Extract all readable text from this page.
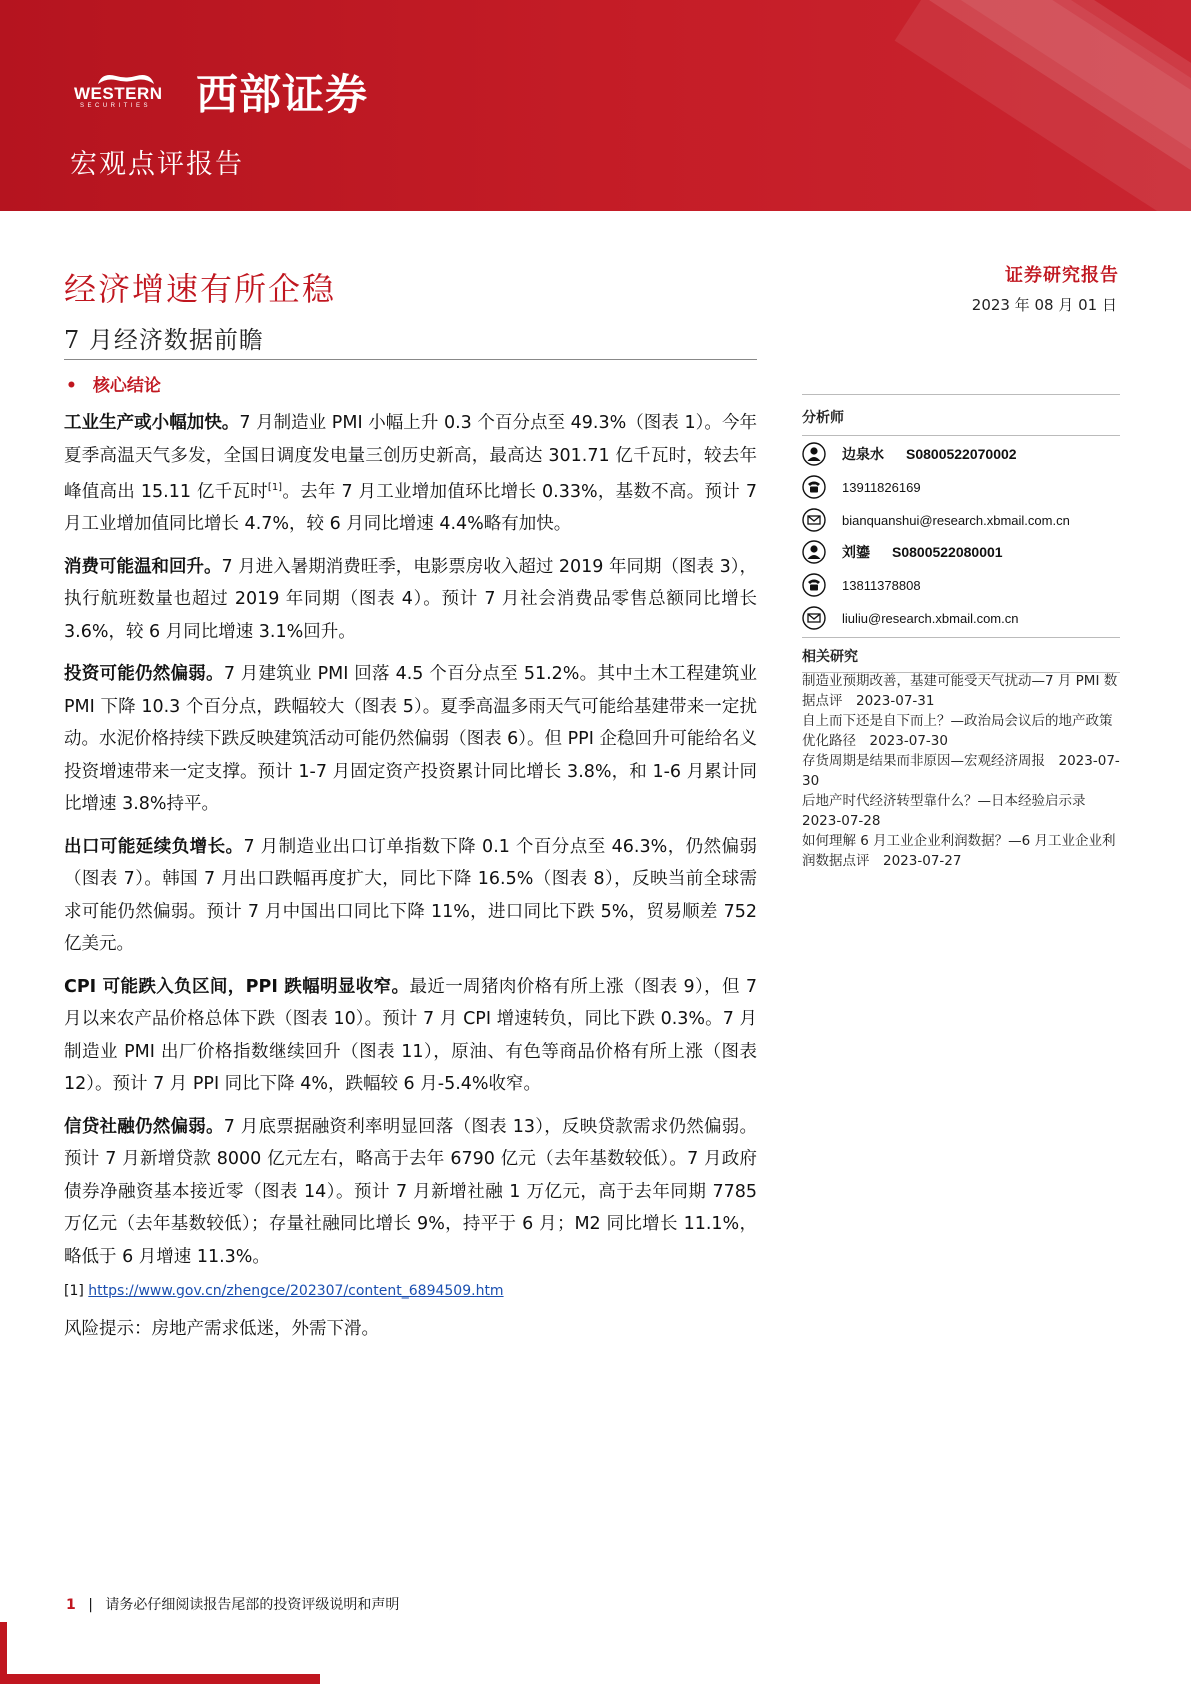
WESTERN
SECURITIES 西部证券
宏观点评报告
经济增速有所企稳
7 月经济数据前瞻
• 核心结论
证券研究报告
2023 年 08 月 01 日
分析师
边泉水 S0800522070002
13911826169
bianquanshui@research.xbmail.com.cn
刘鎏 S0800522080001
13811378808
liuliu@research.xbmail.com.cn
相关研究

制造业预期改善，基建可能受天气扰动—7 月 PMI 数据点评　2023-07-31

自上而下还是自下而上？—政治局会议后的地产政策优化路径　2023-07-30

存货周期是结果而非原因—宏观经济周报　2023-07-30

后地产时代经济转型靠什么？—日本经验启示录　2023-07-28

如何理解 6 月工业企业利润数据？—6 月工业企业利润数据点评　2023-07-27

工业生产或小幅加快。7 月制造业 PMI 小幅上升 0.3 个百分点至 49.3%（图表 1）。今年夏季高温天气多发，全国日调度发电量三创历史新高，最高达 301.71 亿千瓦时，较去年峰值高出 15.11 亿千瓦时[1]。去年 7 月工业增加值环比增长 0.33%，基数不高。预计 7 月工业增加值同比增长 4.7%，较 6 月同比增速 4.4%略有加快。

消费可能温和回升。7 月进入暑期消费旺季，电影票房收入超过 2019 年同期（图表 3），执行航班数量也超过 2019 年同期（图表 4）。预计 7 月社会消费品零售总额同比增长 3.6%，较 6 月同比增速 3.1%回升。

投资可能仍然偏弱。7 月建筑业 PMI 回落 4.5 个百分点至 51.2%。其中土木工程建筑业 PMI 下降 10.3 个百分点，跌幅较大（图表 5）。夏季高温多雨天气可能给基建带来一定扰动。水泥价格持续下跌反映建筑活动可能仍然偏弱（图表 6）。但 PPI 企稳回升可能给名义投资增速带来一定支撑。预计 1-7 月固定资产投资累计同比增长 3.8%，和 1-6 月累计同比增速 3.8%持平。

出口可能延续负增长。7 月制造业出口订单指数下降 0.1 个百分点至 46.3%，仍然偏弱（图表 7）。韩国 7 月出口跌幅再度扩大，同比下降 16.5%（图表 8），反映当前全球需求可能仍然偏弱。预计 7 月中国出口同比下降 11%，进口同比下跌 5%，贸易顺差 752 亿美元。

CPI 可能跌入负区间，PPI 跌幅明显收窄。最近一周猪肉价格有所上涨（图表 9），但 7 月以来农产品价格总体下跌（图表 10）。预计 7 月 CPI 增速转负，同比下跌 0.3%。7 月制造业 PMI 出厂价格指数继续回升（图表 11），原油、有色等商品价格有所上涨（图表 12）。预计 7 月 PPI 同比下降 4%，跌幅较 6 月-5.4%收窄。

信贷社融仍然偏弱。7 月底票据融资利率明显回落（图表 13），反映贷款需求仍然偏弱。预计 7 月新增贷款 8000 亿元左右，略高于去年 6790 亿元（去年基数较低）。7 月政府债券净融资基本接近零（图表 14）。预计 7 月新增社融 1 万亿元，高于去年同期 7785 万亿元（去年基数较低）；存量社融同比增长 9%，持平于 6 月；M2 同比增长 11.1%，略低于 6 月增速 11.3%。

[1] https://www.gov.cn/zhengce/202307/content_6894509.htm
风险提示：房地产需求低迷，外需下滑。
1 | 请务必仔细阅读报告尾部的投资评级说明和声明
